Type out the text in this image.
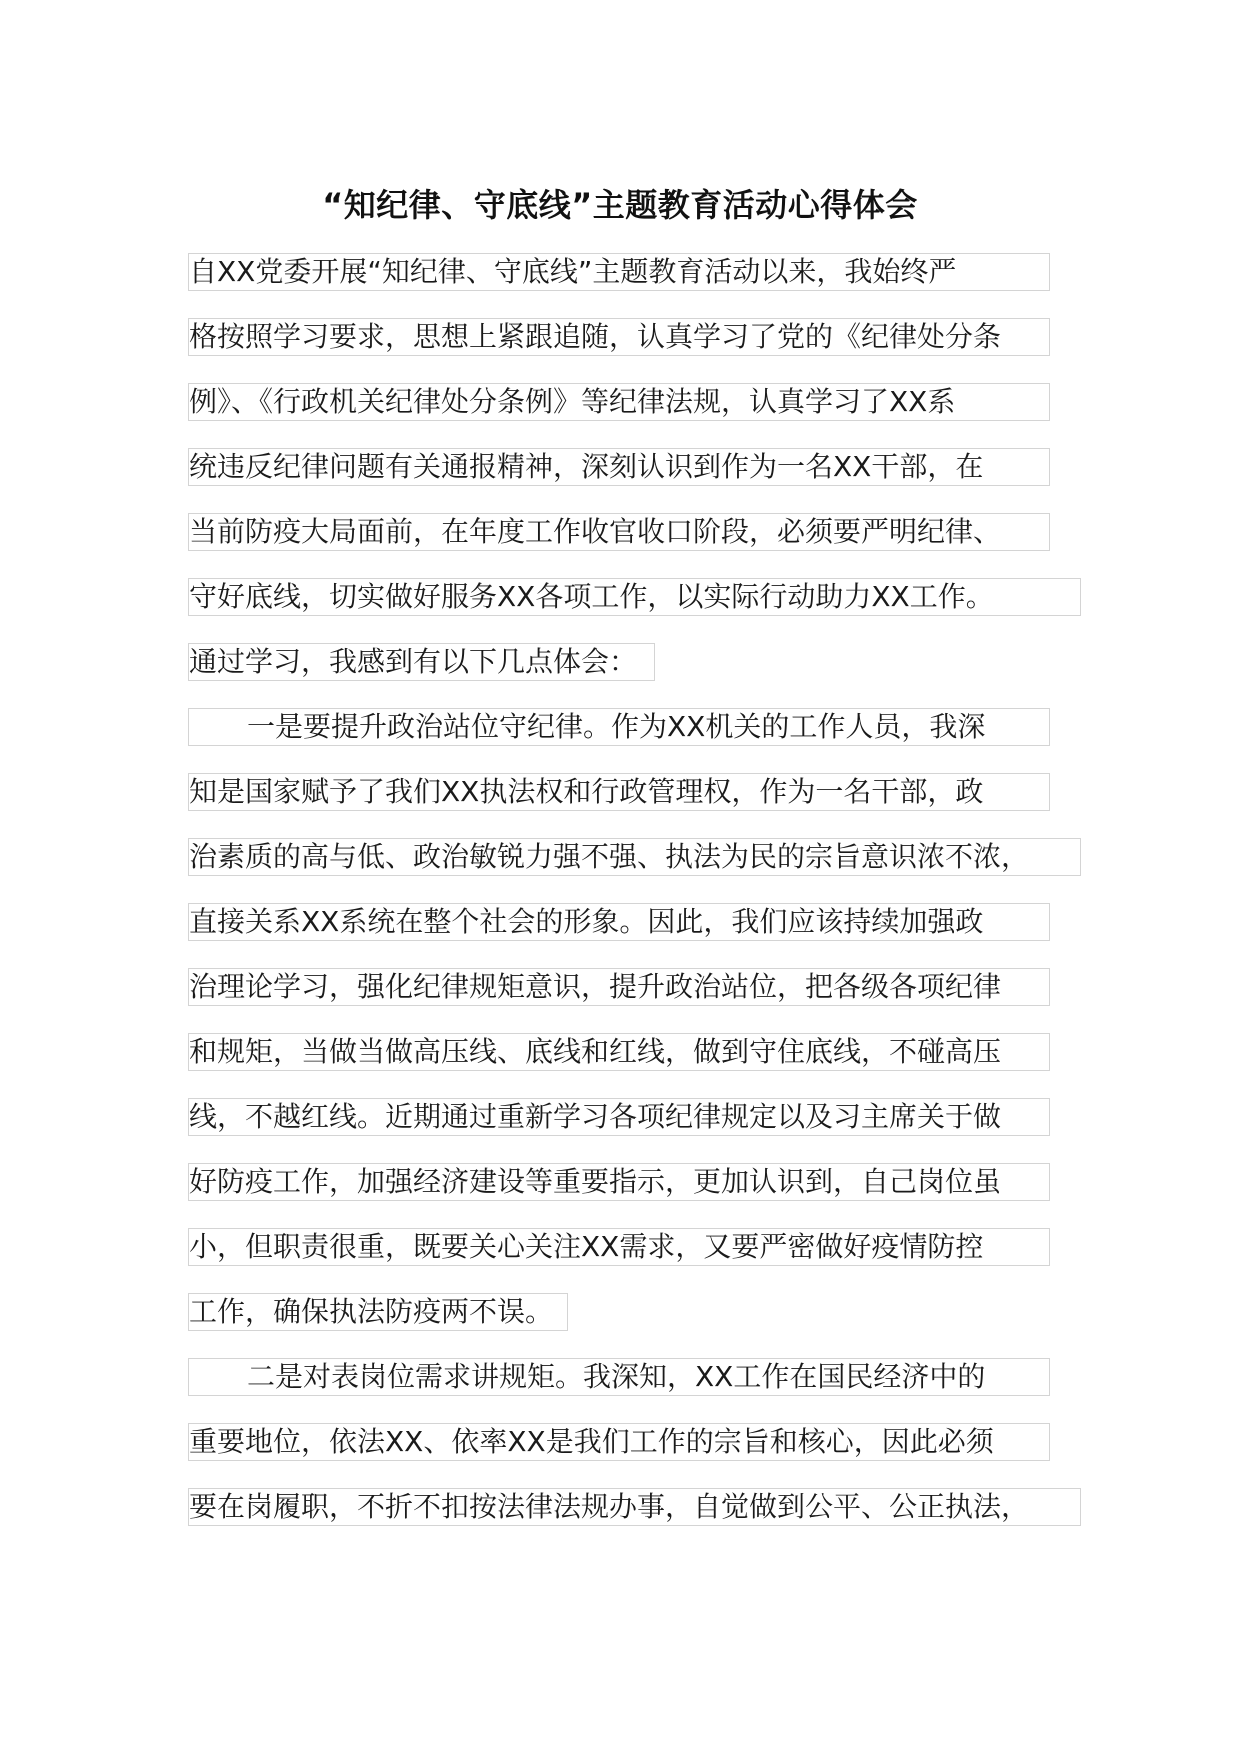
“知纪律、守底线”主题教育活动心得体会
自XX党委开展“知纪律、守底线”主题教育活动以来，我始终严
格按照学习要求，思想上紧跟追随，认真学习了党的《纪律处分条
例》、《行政机关纪律处分条例》等纪律法规，认真学习了XX系
统违反纪律问题有关通报精神，深刻认识到作为一名XX干部，在
当前防疫大局面前，在年度工作收官收口阶段，必须要严明纪律、
守好底线，切实做好服务XX各项工作，以实际行动助力XX工作。
通过学习，我感到有以下几点体会：
一是要提升政治站位守纪律。作为XX机关的工作人员，我深
知是国家赋予了我们XX执法权和行政管理权，作为一名干部，政
治素质的高与低、政治敏锐力强不强、执法为民的宗旨意识浓不浓，
直接关系XX系统在整个社会的形象。因此，我们应该持续加强政
治理论学习，强化纪律规矩意识，提升政治站位，把各级各项纪律
和规矩，当做当做高压线、底线和红线，做到守住底线，不碰高压
线，不越红线。近期通过重新学习各项纪律规定以及习主席关于做
好防疫工作，加强经济建设等重要指示，更加认识到，自己岗位虽
小，但职责很重，既要关心关注XX需求，又要严密做好疫情防控
工作，确保执法防疫两不误。
二是对表岗位需求讲规矩。我深知，XX工作在国民经济中的
重要地位，依法XX、依率XX是我们工作的宗旨和核心，因此必须
要在岗履职，不折不扣按法律法规办事，自觉做到公平、公正执法，
